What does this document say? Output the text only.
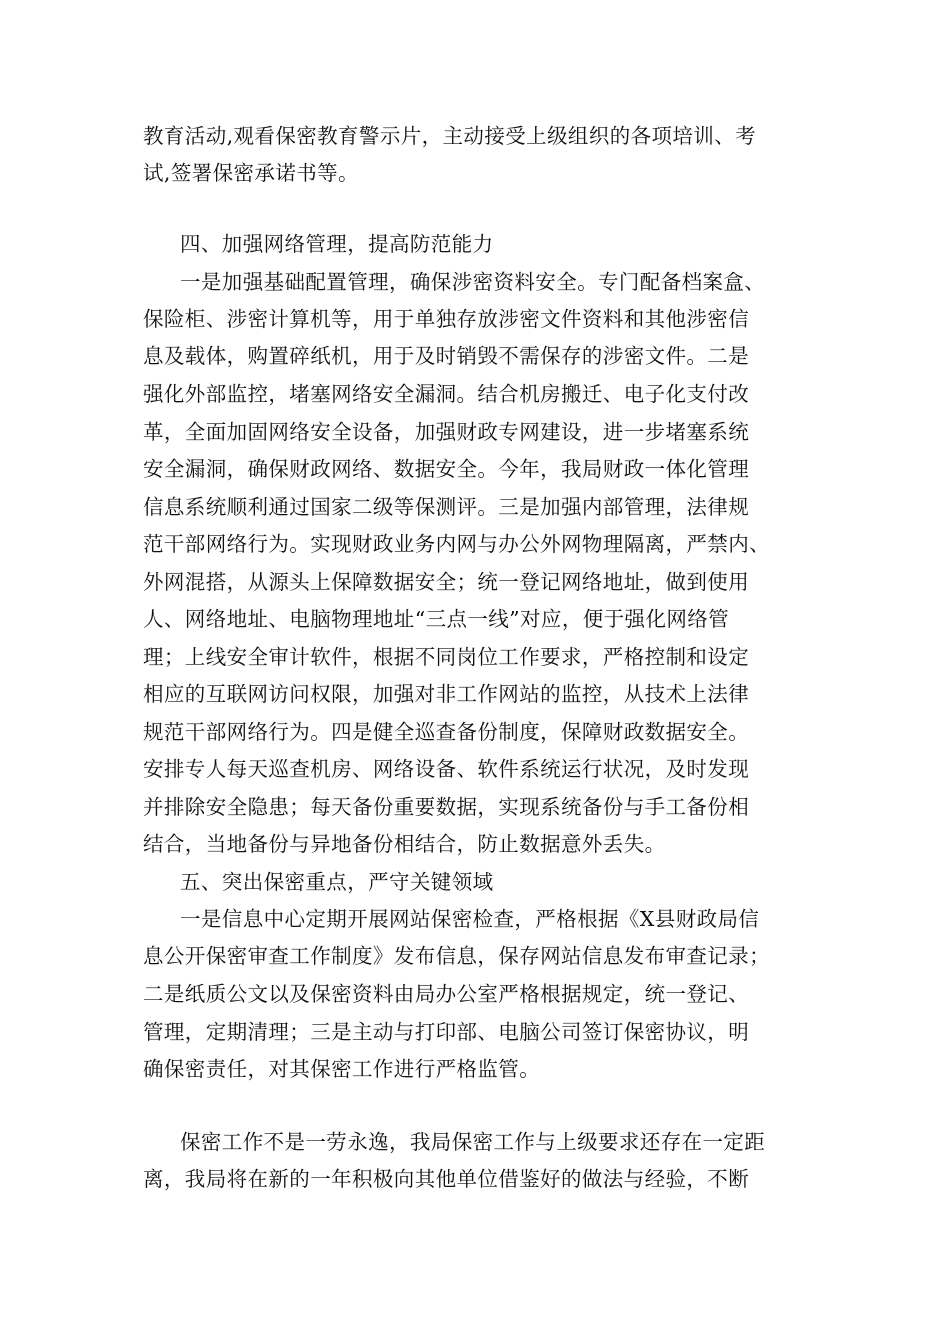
教育活动,观看保密教育警示片，主动接受上级组织的各项培训、考
试,签署保密承诺书等。
四、加强网络管理，提高防范能力
一是加强基础配置管理，确保涉密资料安全。专门配备档案盒、
保险柜、涉密计算机等，用于单独存放涉密文件资料和其他涉密信
息及载体，购置碎纸机，用于及时销毁不需保存的涉密文件。二是
强化外部监控，堵塞网络安全漏洞。结合机房搬迁、电子化支付改
革，全面加固网络安全设备，加强财政专网建设，进一步堵塞系统
安全漏洞，确保财政网络、数据安全。今年，我局财政一体化管理
信息系统顺利通过国家二级等保测评。三是加强内部管理，法律规
范干部网络行为。实现财政业务内网与办公外网物理隔离，严禁内、
外网混搭，从源头上保障数据安全；统一登记网络地址，做到使用
人、网络地址、电脑物理地址“三点一线”对应，便于强化网络管
理；上线安全审计软件，根据不同岗位工作要求，严格控制和设定
相应的互联网访问权限，加强对非工作网站的监控，从技术上法律
规范干部网络行为。四是健全巡查备份制度，保障财政数据安全。
安排专人每天巡查机房、网络设备、软件系统运行状况，及时发现
并排除安全隐患；每天备份重要数据，实现系统备份与手工备份相
结合，当地备份与异地备份相结合，防止数据意外丢失。
五、突出保密重点，严守关键领域
一是信息中心定期开展网站保密检查，严格根据《X县财政局信
息公开保密审查工作制度》发布信息，保存网站信息发布审查记录；
二是纸质公文以及保密资料由局办公室严格根据规定，统一登记、
管理，定期清理；三是主动与打印部、电脑公司签订保密协议，明
确保密责任，对其保密工作进行严格监管。
保密工作不是一劳永逸，我局保密工作与上级要求还存在一定距
离，我局将在新的一年积极向其他单位借鉴好的做法与经验，不断
